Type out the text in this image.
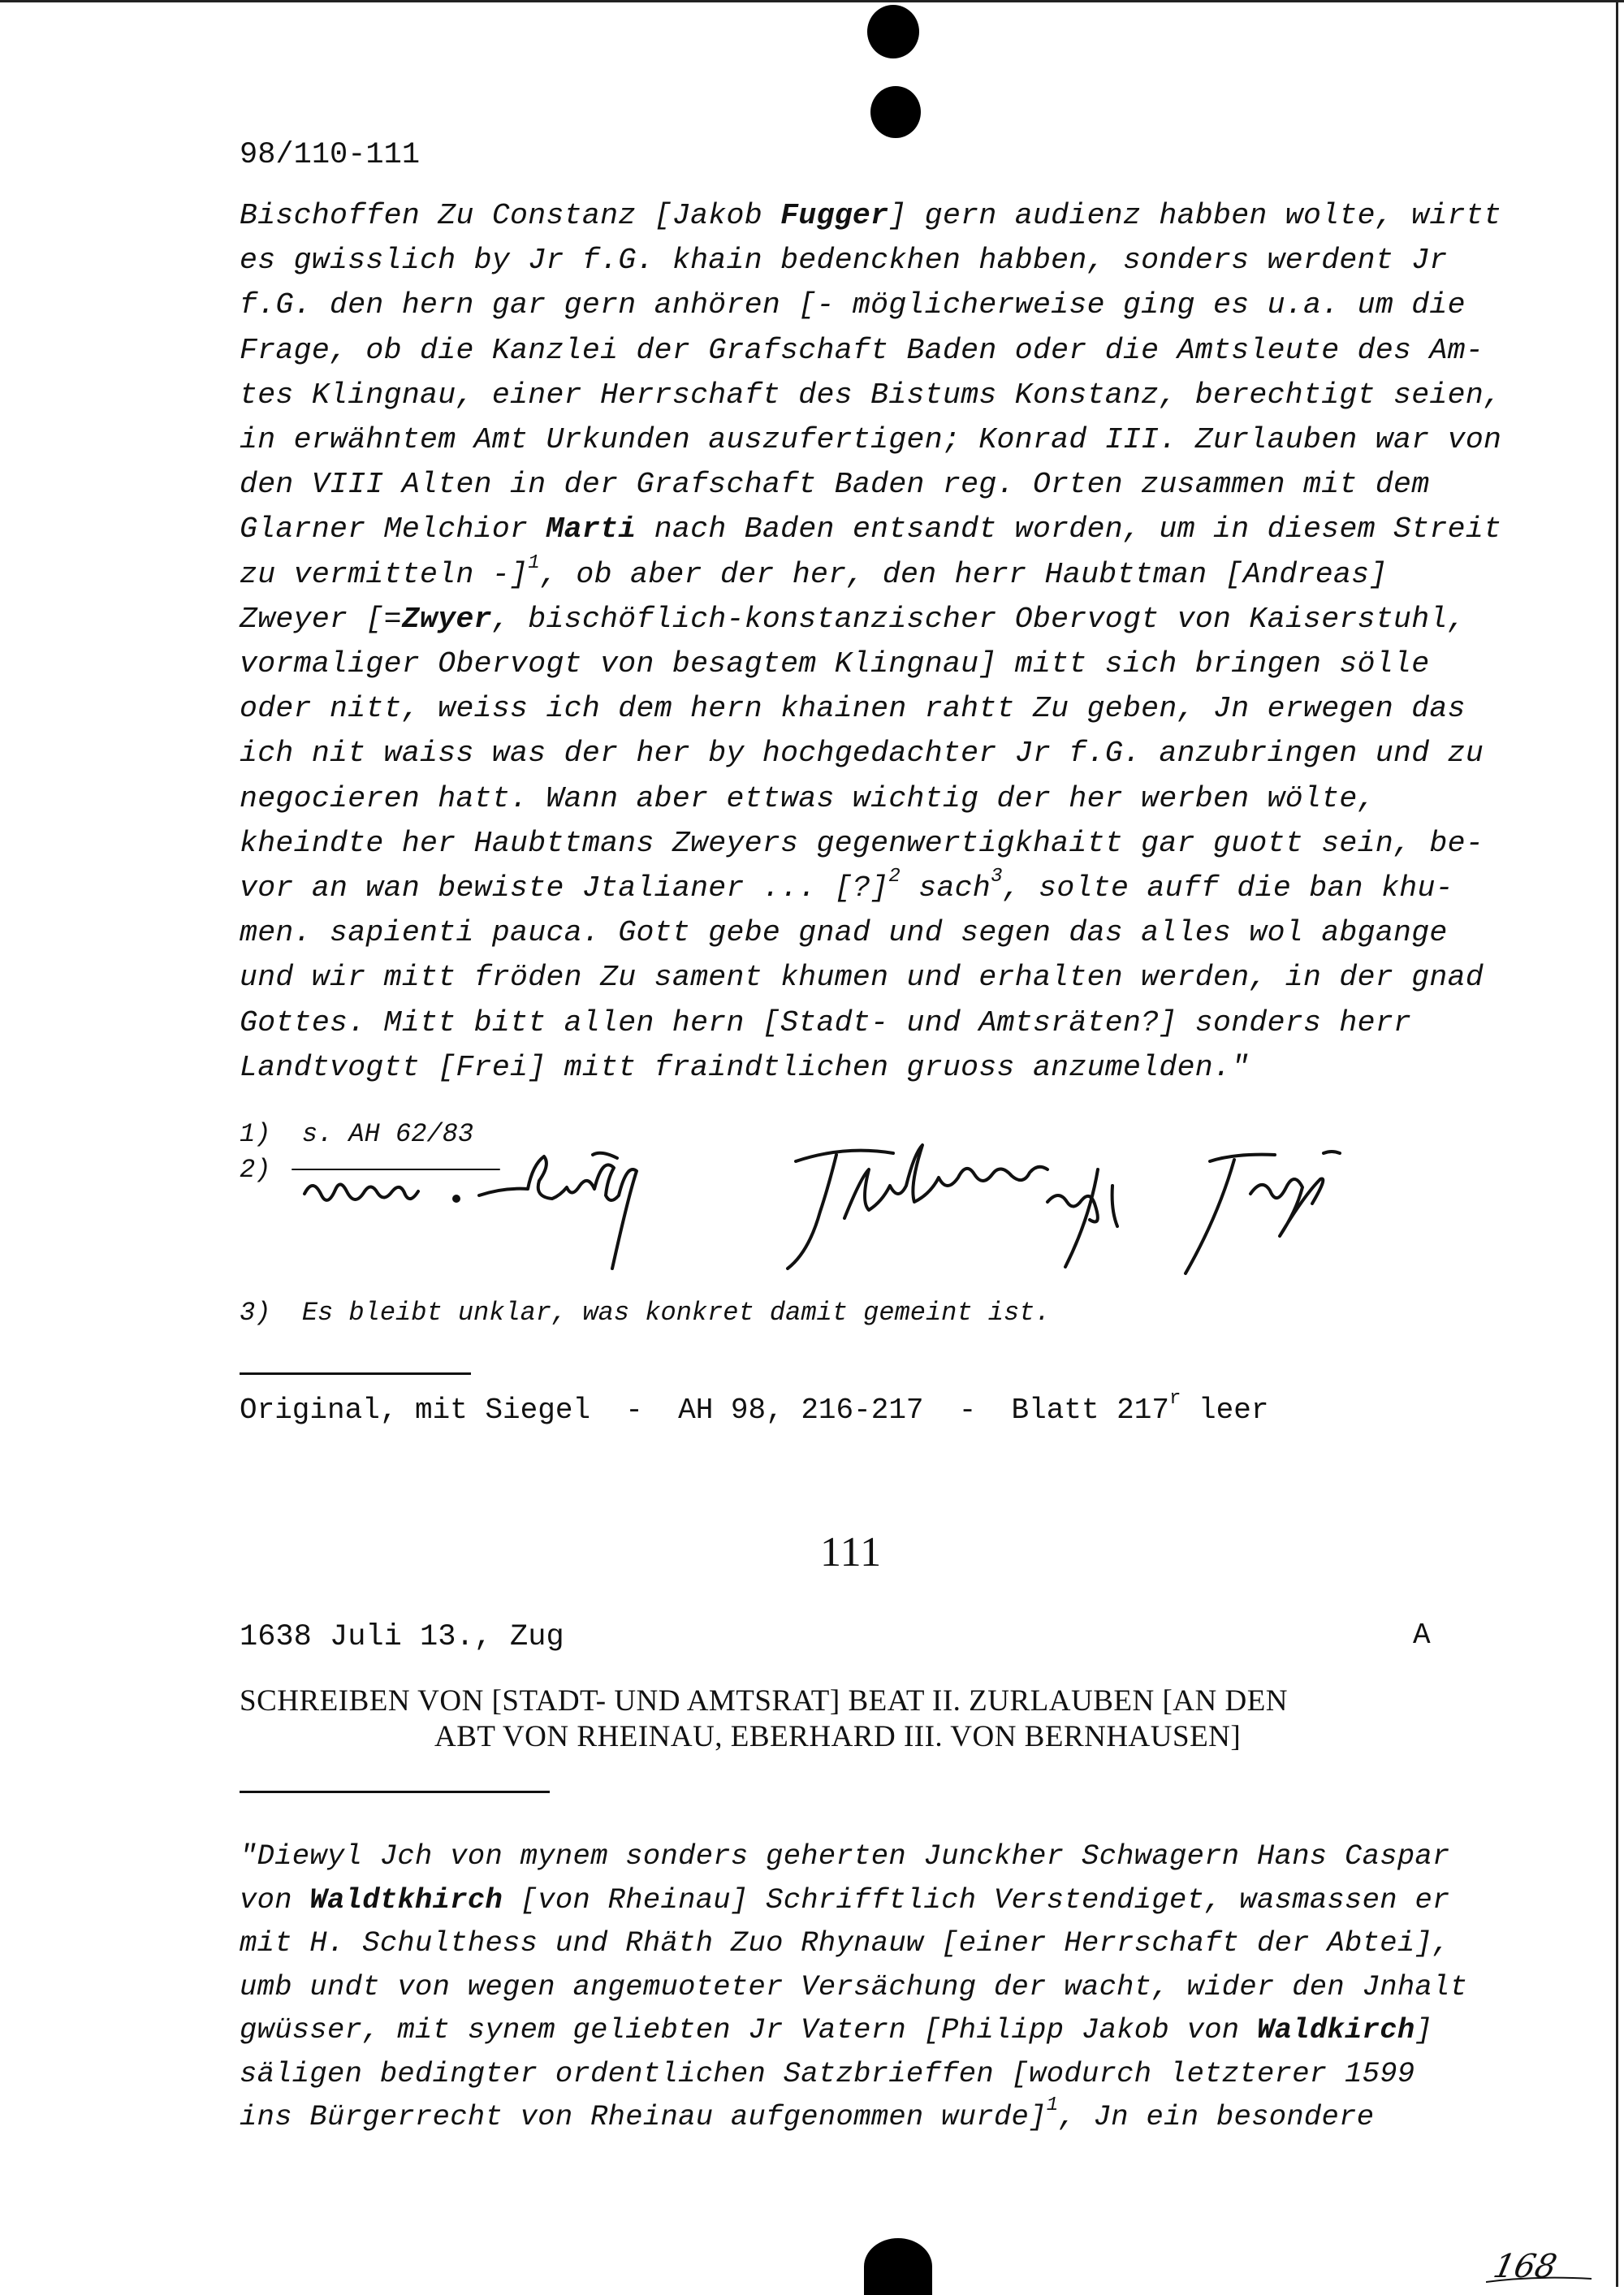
98/110-111
Bischoffen Zu Constanz [Jakob Fugger] gern audienz habben wolte, wirtt
es gwisslich by Jr f.G. khain bedenckhen habben, sonders werdent Jr
f.G. den hern gar gern anhören [- möglicherweise ging es u.a. um die
Frage, ob die Kanzlei der Grafschaft Baden oder die Amtsleute des Am-
tes Klingnau, einer Herrschaft des Bistums Konstanz, berechtigt seien,
in erwähntem Amt Urkunden auszufertigen; Konrad III. Zurlauben war von
den VIII Alten in der Grafschaft Baden reg. Orten zusammen mit dem
Glarner Melchior Marti nach Baden entsandt worden, um in diesem Streit
zu vermitteln -]$^1$, ob aber der her, den herr Haubttman [Andreas]
Zweyer [=Zwyer, bischöflich-konstanzischer Obervogt von Kaiserstuhl,
vormaliger Obervogt von besagtem Klingnau] mitt sich bringen sölle
oder nitt, weiss ich dem hern khainen rahtt Zu geben, Jn erwegen das
ich nit waiss was der her by hochgedachter Jr f.G. anzubringen und zu
negocieren hatt. Wann aber ettwas wichtig der her werben wölte,
kheindte her Haubttmans Zweyers gegenwertigkhaitt gar guott sein, be-
vor an wan bewiste Jtalianer ... [?]$^2$ sach$^3$, solte auff die ban khu-
men. sapienti pauca. Gott gebe gnad und segen das alles wol abgange
und wir mitt fröden Zu sament khumen und erhalten werden, in der gnad
Gottes. Mitt bitt allen hern [Stadt- und Amtsräten?] sonders herr
Landtvogtt [Frei] mitt fraindtlichen gruoss anzumelden."
1)  s. AH 62/83
2)
3)  Es bleibt unklar, was konkret damit gemeint ist.
Original, mit Siegel  -  AH 98, 216-217  -  Blatt 217$^r$ leer
111
1638 Juli 13., Zug	A
SCHREIBEN VON [STADT- UND AMTSRAT] BEAT II. ZURLAUBEN [AN DEN
ABT VON RHEINAU, EBERHARD III. VON BERNHAUSEN]
"Diewyl Jch von mynem sonders geherten Junckher Schwagern Hans Caspar
von Waldtkhirch [von Rheinau] Schrifftlich Verstendiget, wasmassen er
mit H. Schulthess und Rhäth Zuo Rhynauw [einer Herrschaft der Abtei],
umb undt von wegen angemuoteter Versächung der wacht, wider den Jnhalt
gwüsser, mit synem geliebten Jr Vatern [Philipp Jakob von Waldkirch]
säligen bedingter ordentlichen Satzbrieffen [wodurch letzterer 1599
ins Bürgerrecht von Rheinau aufgenommen wurde]$^1$, Jn ein besondere
168
